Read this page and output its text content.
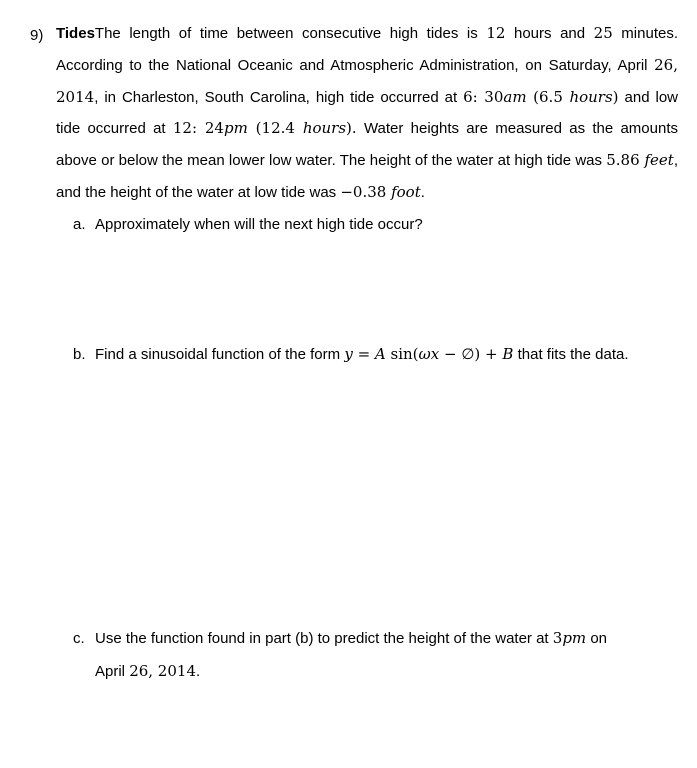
9) TidesThe length of time between consecutive high tides is 12 hours and 25 minutes. According to the National Oceanic and Atmospheric Administration, on Saturday, April 26, 2014, in Charleston, South Carolina, high tide occurred at 6: 30am (6.5 hours) and low tide occurred at 12: 24pm (12.4 hours). Water heights are measured as the amounts above or below the mean lower low water. The height of the water at high tide was 5.86 feet, and the height of the water at low tide was −0.38 foot.
a. Approximately when will the next high tide occur?
b. Find a sinusoidal function of the form y = A sin(ωx − ∅) + B that fits the data.
c. Use the function found in part (b) to predict the height of the water at 3pm on
April 26, 2014.
